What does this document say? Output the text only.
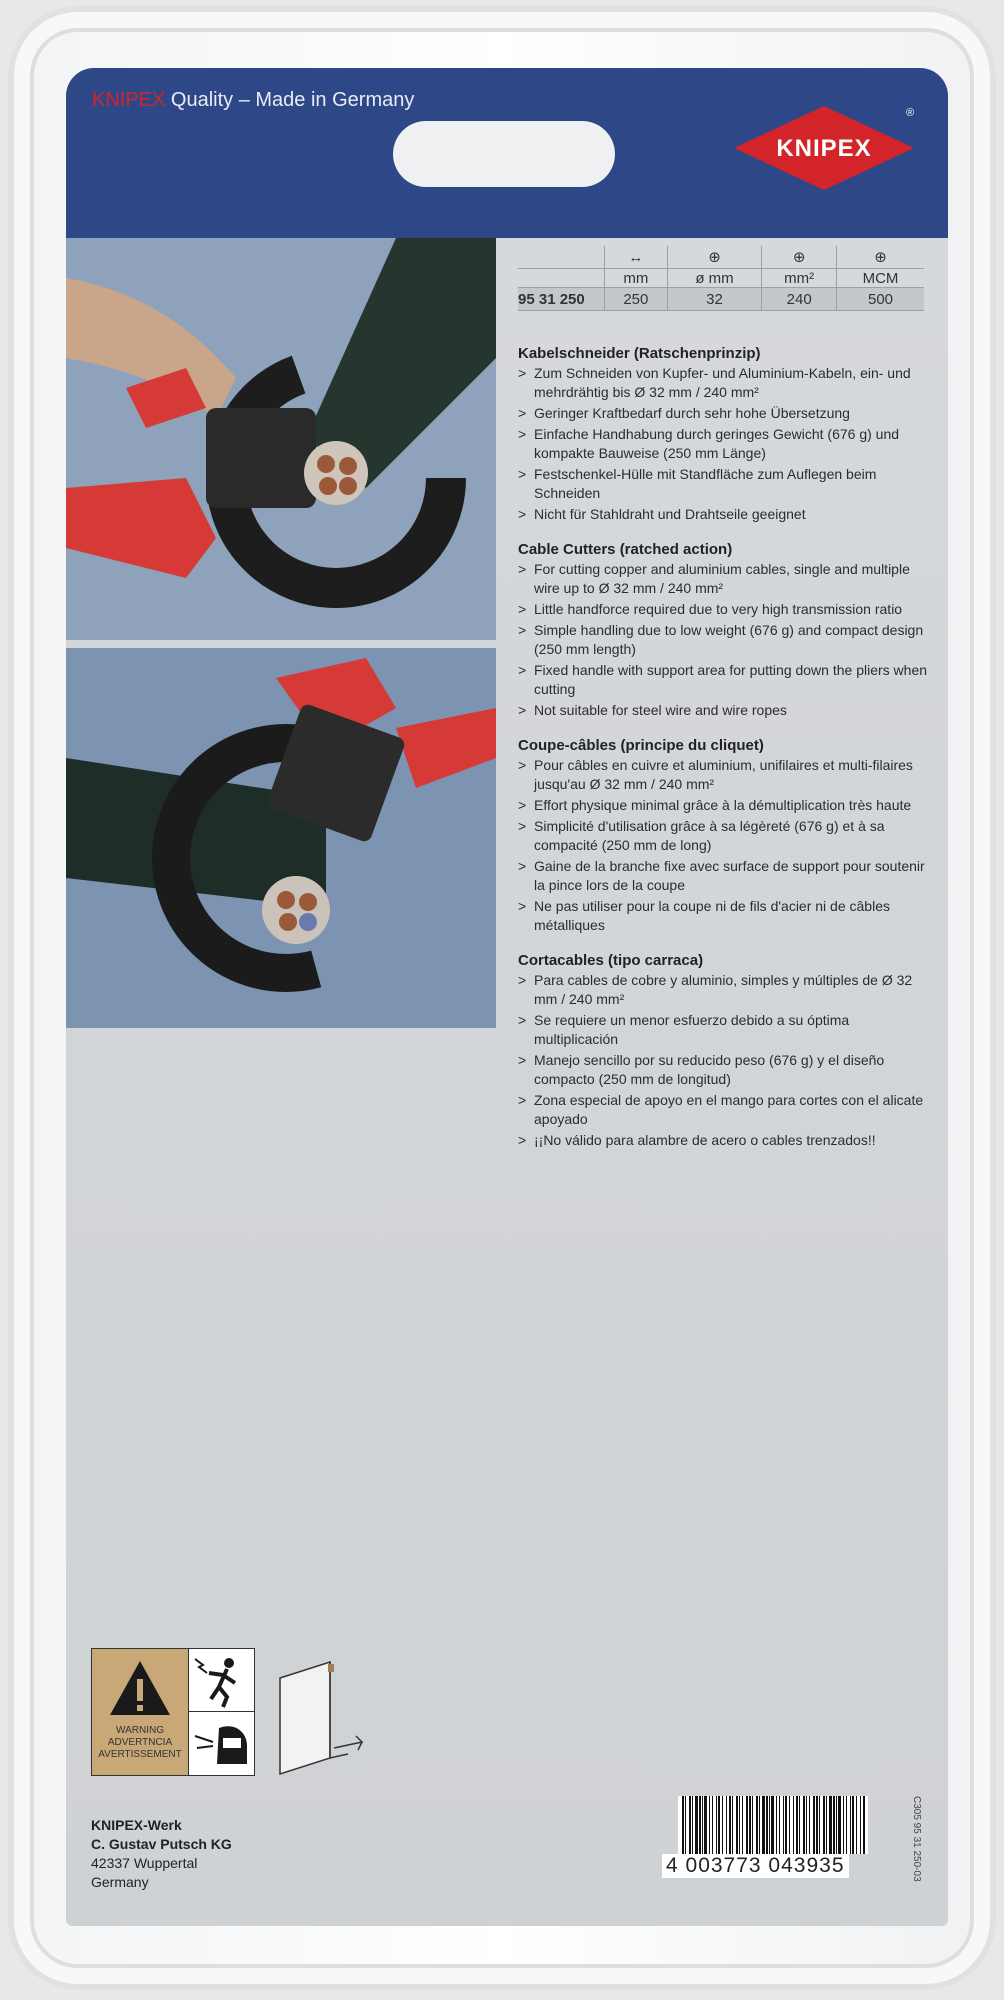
KNIPEX Quality – Made in Germany
KNIPEX
®
	↔	⊕	⊕	⊕
	mm	ø mm	mm²	MCM
95 31 250	250	32	240	500
Kabelschneider (Ratschenprinzip)
> Zum Schneiden von Kupfer- und Aluminium-Kabeln, ein- und mehrdrähtig bis Ø 32 mm / 240 mm²
> Geringer Kraftbedarf durch sehr hohe Übersetzung
> Einfache Handhabung durch geringes Gewicht (676 g) und kompakte Bauweise (250 mm Länge)
> Festschenkel-Hülle mit Standfläche zum Auflegen beim Schneiden
> Nicht für Stahldraht und Drahtseile geeignet
Cable Cutters (ratched action)
> For cutting copper and aluminium cables, single and multiple wire up to Ø 32 mm / 240 mm²
> Little handforce required due to very high transmission ratio
> Simple handling due to low weight (676 g) and compact design (250 mm length)
> Fixed handle with support area for putting down the pliers when cutting
> Not suitable for steel wire and wire ropes
Coupe-câbles (principe du cliquet)
> Pour câbles en cuivre et aluminium, unifilaires et multi-filaires jusqu'au Ø 32 mm / 240 mm²
> Effort physique minimal grâce à la démultiplication très haute
> Simplicité d'utilisation grâce à sa légèreté (676 g) et à sa compacité (250 mm de long)
> Gaine de la branche fixe avec surface de support pour soutenir la pince lors de la coupe
> Ne pas utiliser pour la coupe ni de fils d'acier ni de câbles métalliques
Cortacables (tipo carraca)
> Para cables de cobre y aluminio, simples y múltiples de Ø 32 mm / 240 mm²
> Se requiere un menor esfuerzo debido a su óptima multiplicación
> Manejo sencillo por su reducido peso (676 g) y el diseño compacto (250 mm de longitud)
> Zona especial de apoyo en el mango para cortes con el alicate apoyado
> ¡¡No válido para alambre de acero o cables trenzados!!
WARNING
ADVERTNCIA
AVERTISSEMENT
KNIPEX-Werk
C. Gustav Putsch KG
42337 Wuppertal
Germany
4 003773 043935	C305 95 31 250-03
